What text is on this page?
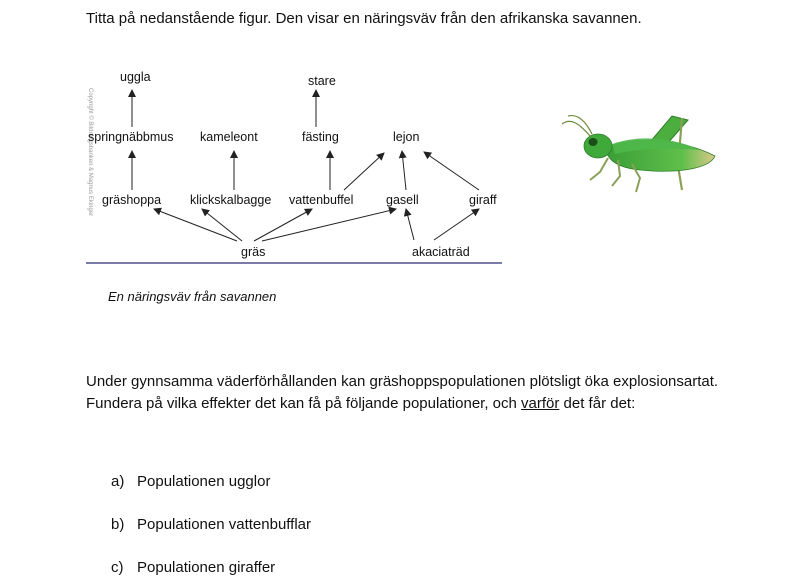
Titta på nedanstående figur. Den visar en näringsväv från den afrikanska savannen.
Copyright © Bildningsbanken & Magnus Ekinger
uggla	stare
springnäbbmus kameleont	fästing	lejon
gräshoppa klickskalbagge vattenbuffel	gasell	giraff
gräs	akaciaträd
En näringsväv från savannen
Under gynnsamma väderförhållanden kan gräshoppspopulationen plötsligt öka explosionsartat. Fundera på vilka effekter det kan få på följande populationer, och varför det får det:
a) Populationen ugglor
b) Populationen vattenbufflar
c) Populationen giraffer
